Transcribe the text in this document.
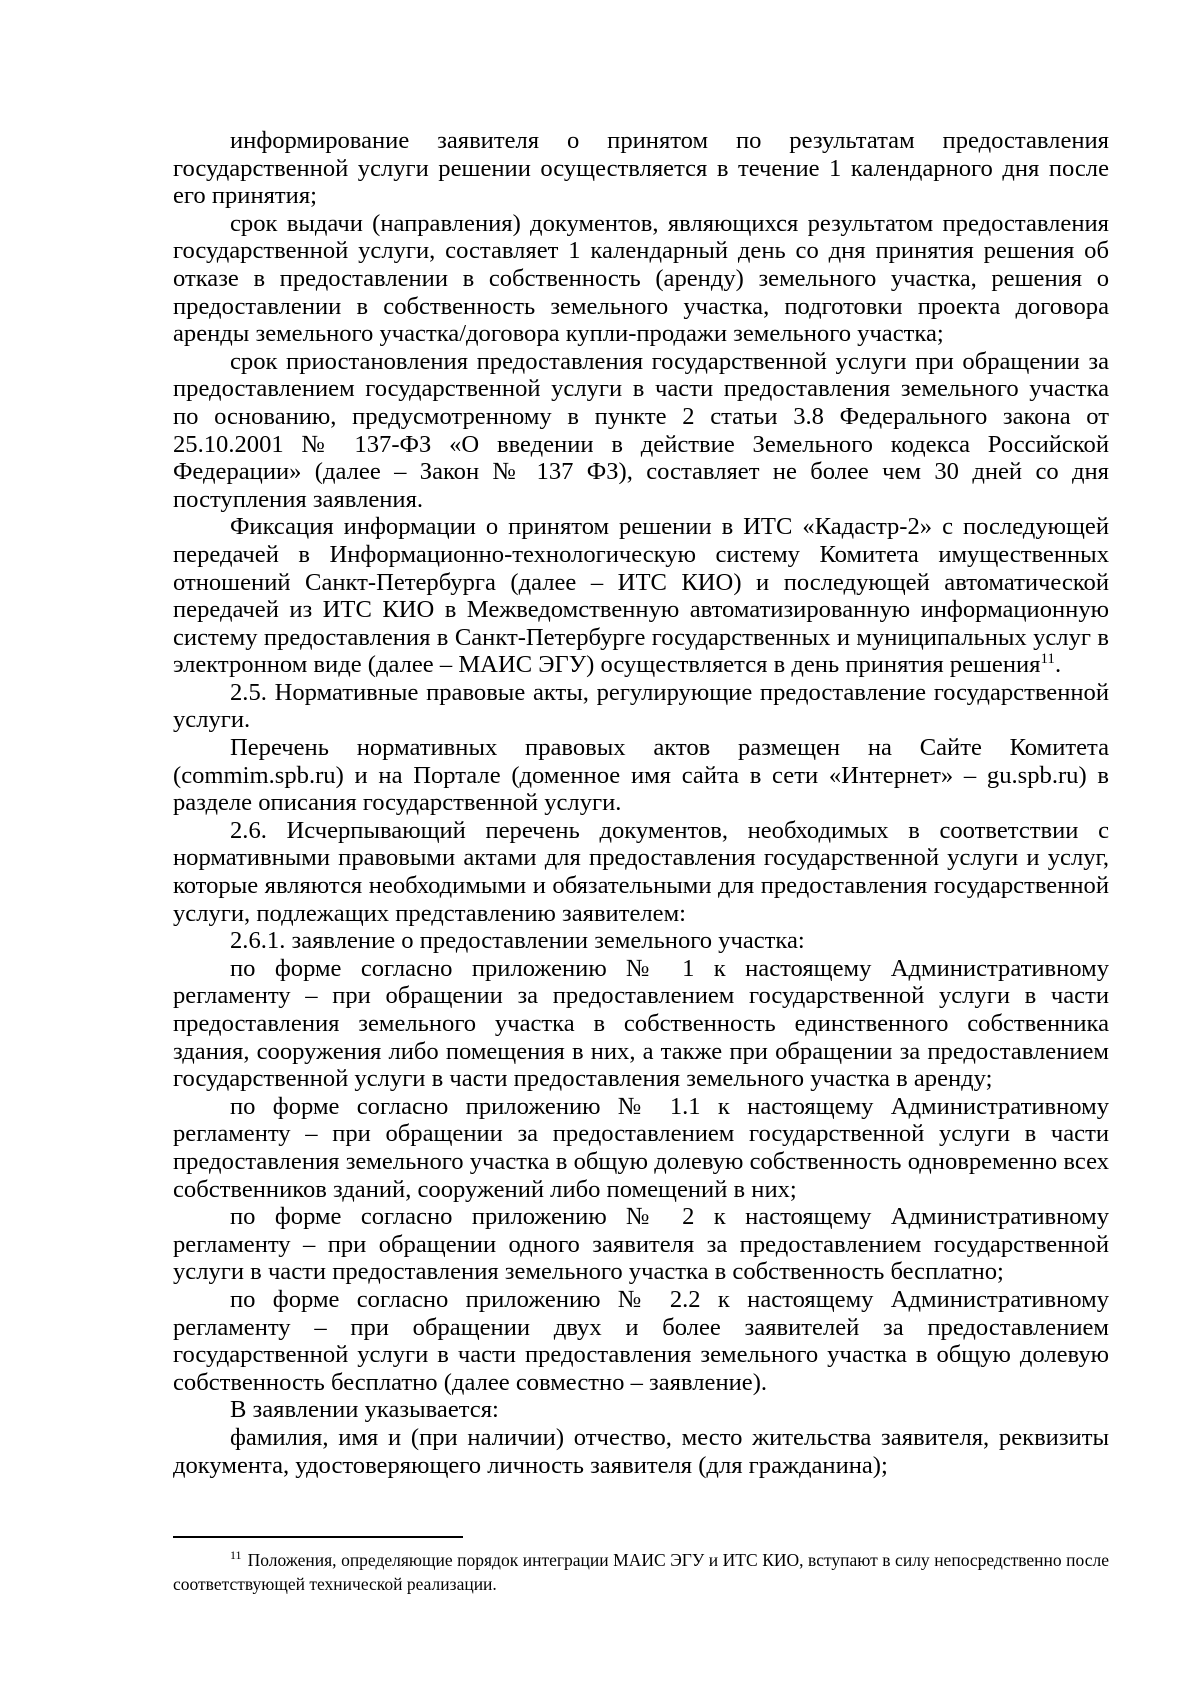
информирование заявителя о принятом по результатам предоставления государственной услуги решении осуществляется в течение 1 календарного дня после его принятия;

срок выдачи (направления) документов, являющихся результатом предоставления государственной услуги, составляет 1 календарный день со дня принятия решения об отказе в предоставлении в собственность (аренду) земельного участка, решения о предоставлении в собственность земельного участка, подготовки проекта договора аренды земельного участка/договора купли-продажи земельного участка;

срок приостановления предоставления государственной услуги при обращении за предоставлением государственной услуги в части предоставления земельного участка по основанию, предусмотренному в пункте 2 статьи 3.8 Федерального закона от 25.10.2001 № 137-ФЗ «О введении в действие Земельного кодекса Российской Федерации» (далее – Закон № 137 ФЗ), составляет не более чем 30 дней со дня поступления заявления.

Фиксация информации о принятом решении в ИТС «Кадастр-2» с последующей передачей в Информационно-технологическую систему Комитета имущественных отношений Санкт-Петербурга (далее – ИТС КИО) и последующей автоматической передачей из ИТС КИО в Межведомственную автоматизированную информационную систему предоставления в Санкт-Петербурге государственных и муниципальных услуг в электронном виде (далее – МАИС ЭГУ) осуществляется в день принятия решения$^{11}$.

2.5. Нормативные правовые акты, регулирующие предоставление государственной услуги.

Перечень нормативных правовых актов размещен на Сайте Комитета (commim.spb.ru) и на Портале (доменное имя сайта в сети «Интернет» – gu.spb.ru) в разделе описания государственной услуги.

2.6. Исчерпывающий перечень документов, необходимых в соответствии с нормативными правовыми актами для предоставления государственной услуги и услуг, которые являются необходимыми и обязательными для предоставления государственной услуги, подлежащих представлению заявителем:

2.6.1. заявление о предоставлении земельного участка:

по форме согласно приложению № 1 к настоящему Административному регламенту – при обращении за предоставлением государственной услуги в части предоставления земельного участка в собственность единственного собственника здания, сооружения либо помещения в них, а также при обращении за предоставлением государственной услуги в части предоставления земельного участка в аренду;

по форме согласно приложению № 1.1 к настоящему Административному регламенту – при обращении за предоставлением государственной услуги в части предоставления земельного участка в общую долевую собственность одновременно всех собственников зданий, сооружений либо помещений в них;

по форме согласно приложению № 2 к настоящему Административному регламенту – при обращении одного заявителя за предоставлением государственной услуги в части предоставления земельного участка в собственность бесплатно;

по форме согласно приложению № 2.2 к настоящему Административному регламенту – при обращении двух и более заявителей за предоставлением государственной услуги в части предоставления земельного участка в общую долевую собственность бесплатно (далее совместно – заявление).

В заявлении указывается:

фамилия, имя и (при наличии) отчество, место жительства заявителя, реквизиты документа, удостоверяющего личность заявителя (для гражданина);

$^{11}$ Положения, определяющие порядок интеграции МАИС ЭГУ и ИТС КИО, вступают в силу непосредственно после соответствующей технической реализации.
